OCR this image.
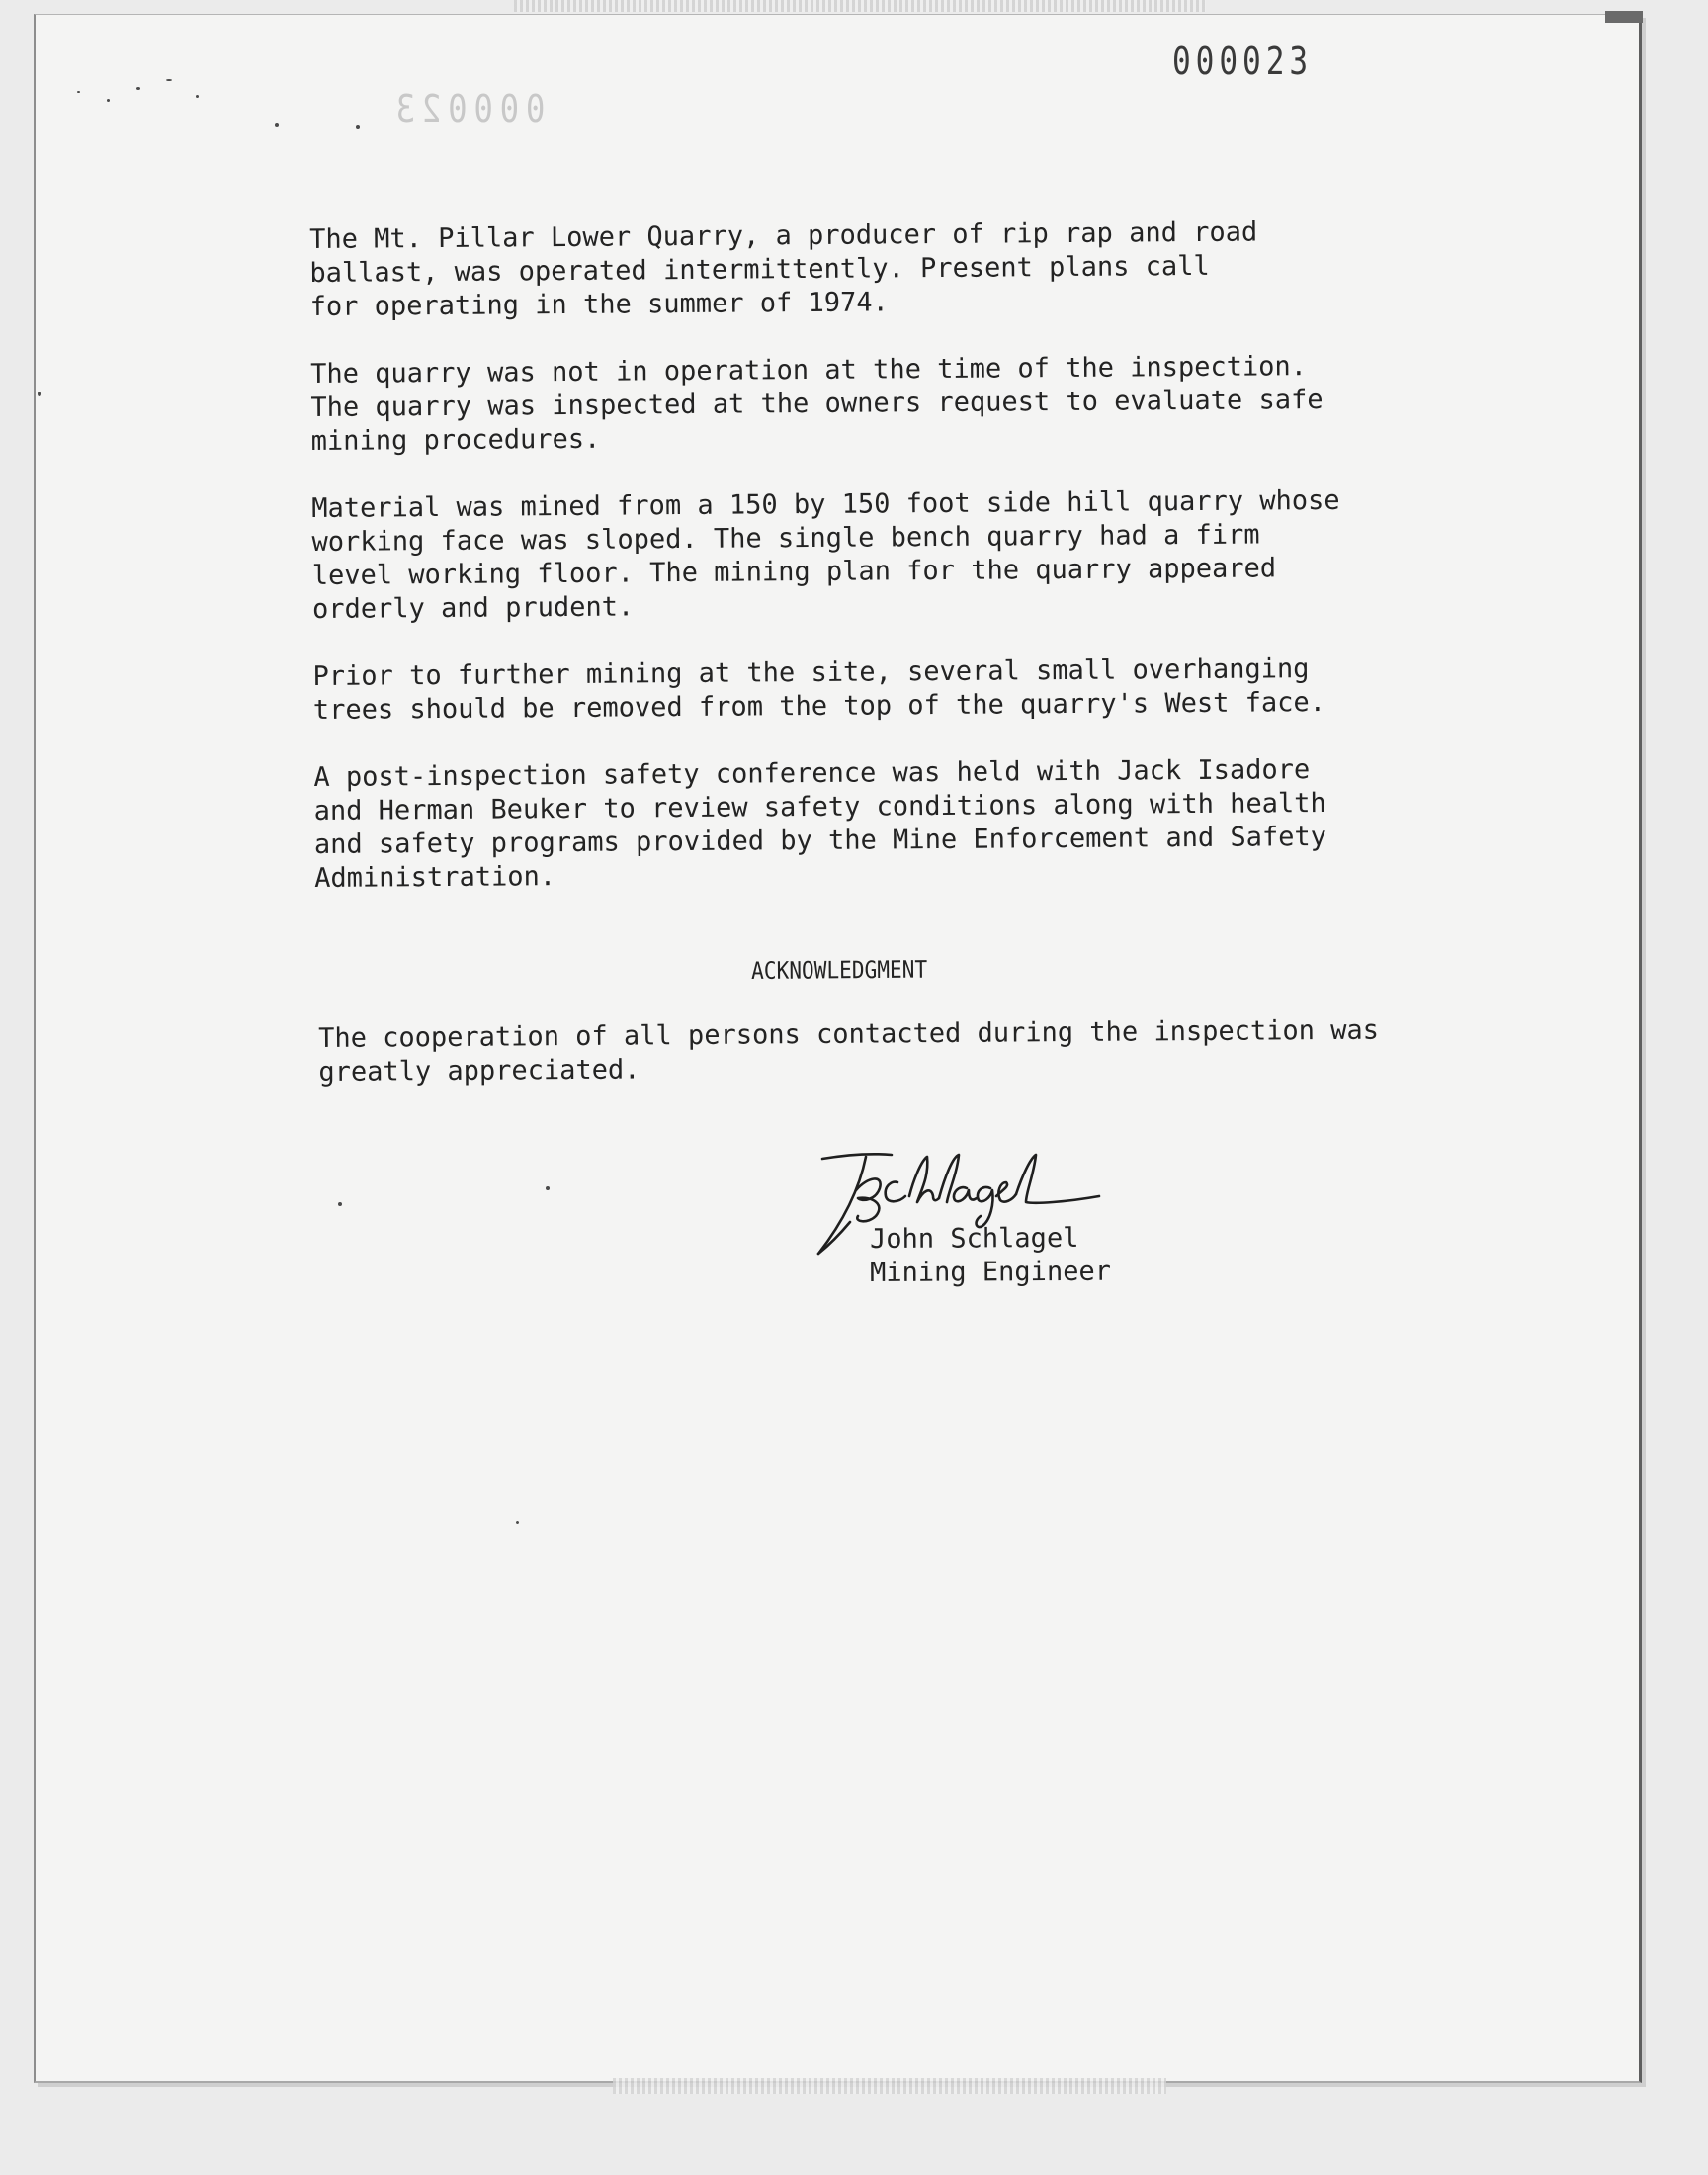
000023
000023

The Mt. Pillar Lower Quarry, a producer of rip rap and road
ballast, was operated intermittently. Present plans call
for operating in the summer of 1974.

The quarry was not in operation at the time of the inspection.
The quarry was inspected at the owners request to evaluate safe
mining procedures.

Material was mined from a 150 by 150 foot side hill quarry whose
working face was sloped. The single bench quarry had a firm
level working floor. The mining plan for the quarry appeared
orderly and prudent.

Prior to further mining at the site, several small overhanging
trees should be removed from the top of the quarry's West face.

A post-inspection safety conference was held with Jack Isadore
and Herman Beuker to review safety conditions along with health
and safety programs provided by the Mine Enforcement and Safety
Administration.

ACKNOWLEDGMENT
The cooperation of all persons contacted during the inspection was
greatly appreciated.
John Schlagel
Mining Engineer
